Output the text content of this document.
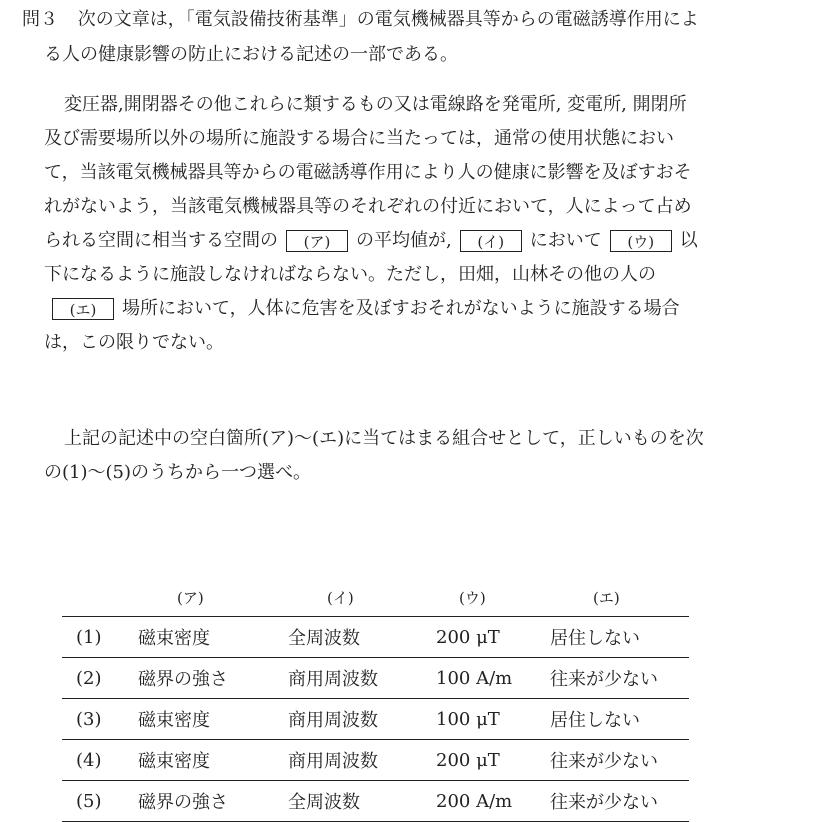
問３ 次の文章は，「電気設備技術基準」の電気機械器具等からの電磁誘導作用によ
る人の健康影響の防止における記述の一部である。
変圧器,開閉器その他これらに類するもの又は電線路を発電所, 変電所, 開閉所
及び需要場所以外の場所に施設する場合に当たっては，通常の使用状態におい
て，当該電気機械器具等からの電磁誘導作用により人の健康に影響を及ぼすおそ
れがないよう，当該電気機械器具等のそれぞれの付近において，人によって占め
られる空間に相当する空間の (ア) の平均値が, (イ) において (ウ) 以
下になるように施設しなければならない。ただし，田畑，山林その他の人の
(エ) 場所において，人体に危害を及ぼすおそれがないように施設する場合
は，この限りでない。
上記の記述中の空白箇所(ア)～(エ)に当てはまる組合せとして，正しいものを次
の(1)～(5)のうちから一つ選べ。
	(ア)	(イ)	(ウ)	(エ)
(1)	磁束密度	全周波数	200 μT	居住しない
(2)	磁界の強さ	商用周波数	100 A/m	往来が少ない
(3)	磁束密度	商用周波数	100 μT	居住しない
(4)	磁束密度	商用周波数	200 μT	往来が少ない
(5)	磁界の強さ	全周波数	200 A/m	往来が少ない
